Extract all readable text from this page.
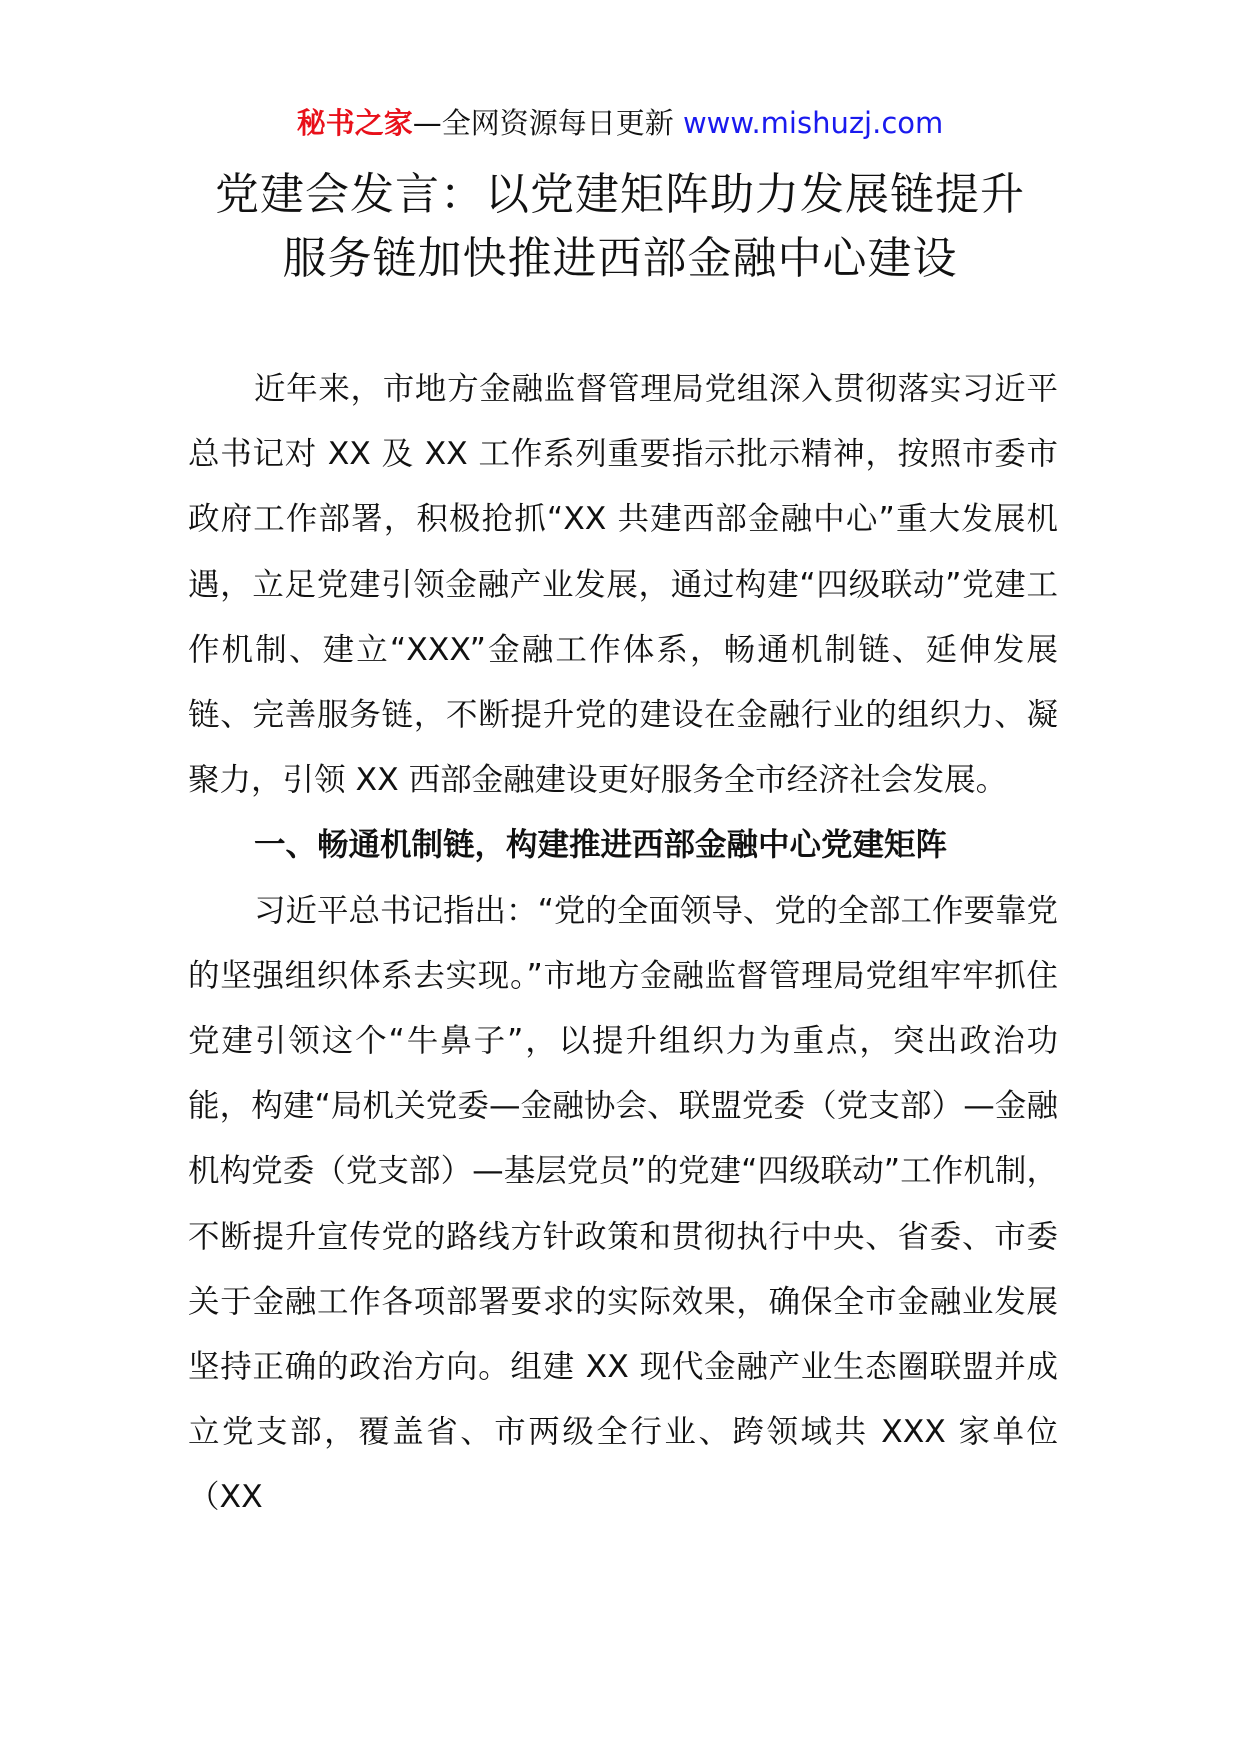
秘书之家—全网资源每日更新 www.mishuzj.com
党建会发言：以党建矩阵助力发展链提升
服务链加快推进西部金融中心建设

近年来，市地方金融监督管理局党组深入贯彻落实习近平总书记对 XX 及 XX 工作系列重要指示批示精神，按照市委市政府工作部署，积极抢抓“XX 共建西部金融中心”重大发展机遇，立足党建引领金融产业发展，通过构建“四级联动”党建工作机制、建立“XXX”金融工作体系，畅通机制链、延伸发展链、完善服务链，不断提升党的建设在金融行业的组织力、凝聚力，引领 XX 西部金融建设更好服务全市经济社会发展。

一、畅通机制链，构建推进西部金融中心党建矩阵

习近平总书记指出：“党的全面领导、党的全部工作要靠党的坚强组织体系去实现。”市地方金融监督管理局党组牢牢抓住党建引领这个“牛鼻子”，以提升组织力为重点，突出政治功能，构建“局机关党委—金融协会、联盟党委（党支部）—金融机构党委（党支部）—基层党员”的党建“四级联动”工作机制，不断提升宣传党的路线方针政策和贯彻执行中央、省委、市委关于金融工作各项部署要求的实际效果，确保全市金融业发展坚持正确的政治方向。组建 XX 现代金融产业生态圈联盟并成立党支部，覆盖省、市两级全行业、跨领域共 XXX 家单位（XX
